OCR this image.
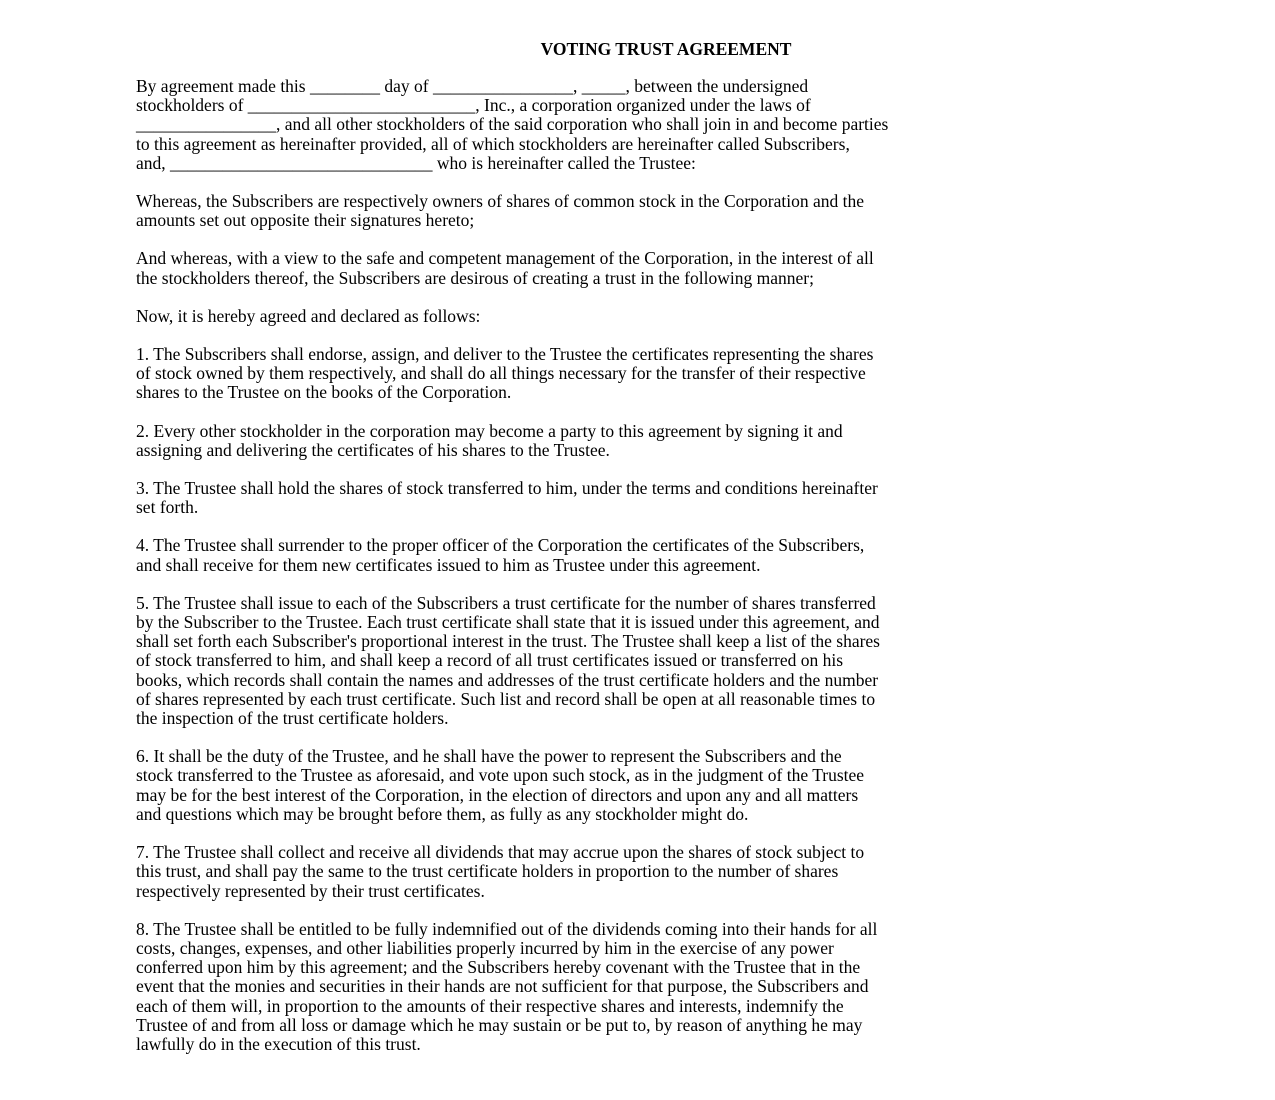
VOTING TRUST AGREEMENT

By agreement made this ________ day of ________________, _____, between the undersigned
stockholders of __________________________, Inc., a corporation organized under the laws of
________________, and all other stockholders of the said corporation who shall join in and become parties
to this agreement as hereinafter provided, all of which stockholders are hereinafter called Subscribers,
and, ______________________________ who is hereinafter called the Trustee:

Whereas, the Subscribers are respectively owners of shares of common stock in the Corporation and the
amounts set out opposite their signatures hereto;

And whereas, with a view to the safe and competent management of the Corporation, in the interest of all
the stockholders thereof, the Subscribers are desirous of creating a trust in the following manner;

Now, it is hereby agreed and declared as follows:

1. The Subscribers shall endorse, assign, and deliver to the Trustee the certificates representing the shares
of stock owned by them respectively, and shall do all things necessary for the transfer of their respective
shares to the Trustee on the books of the Corporation.

2. Every other stockholder in the corporation may become a party to this agreement by signing it and
assigning and delivering the certificates of his shares to the Trustee.

3. The Trustee shall hold the shares of stock transferred to him, under the terms and conditions hereinafter
set forth.

4. The Trustee shall surrender to the proper officer of the Corporation the certificates of the Subscribers,
and shall receive for them new certificates issued to him as Trustee under this agreement.

5. The Trustee shall issue to each of the Subscribers a trust certificate for the number of shares transferred
by the Subscriber to the Trustee. Each trust certificate shall state that it is issued under this agreement, and
shall set forth each Subscriber's proportional interest in the trust. The Trustee shall keep a list of the shares
of stock transferred to him, and shall keep a record of all trust certificates issued or transferred on his
books, which records shall contain the names and addresses of the trust certificate holders and the number
of shares represented by each trust certificate. Such list and record shall be open at all reasonable times to
the inspection of the trust certificate holders.

6. It shall be the duty of the Trustee, and he shall have the power to represent the Subscribers and the
stock transferred to the Trustee as aforesaid, and vote upon such stock, as in the judgment of the Trustee
may be for the best interest of the Corporation, in the election of directors and upon any and all matters
and questions which may be brought before them, as fully as any stockholder might do.

7. The Trustee shall collect and receive all dividends that may accrue upon the shares of stock subject to
this trust, and shall pay the same to the trust certificate holders in proportion to the number of shares
respectively represented by their trust certificates.

8. The Trustee shall be entitled to be fully indemnified out of the dividends coming into their hands for all
costs, changes, expenses, and other liabilities properly incurred by him in the exercise of any power
conferred upon him by this agreement; and the Subscribers hereby covenant with the Trustee that in the
event that the monies and securities in their hands are not sufficient for that purpose, the Subscribers and
each of them will, in proportion to the amounts of their respective shares and interests, indemnify the
Trustee of and from all loss or damage which he may sustain or be put to, by reason of anything he may
lawfully do in the execution of this trust.
